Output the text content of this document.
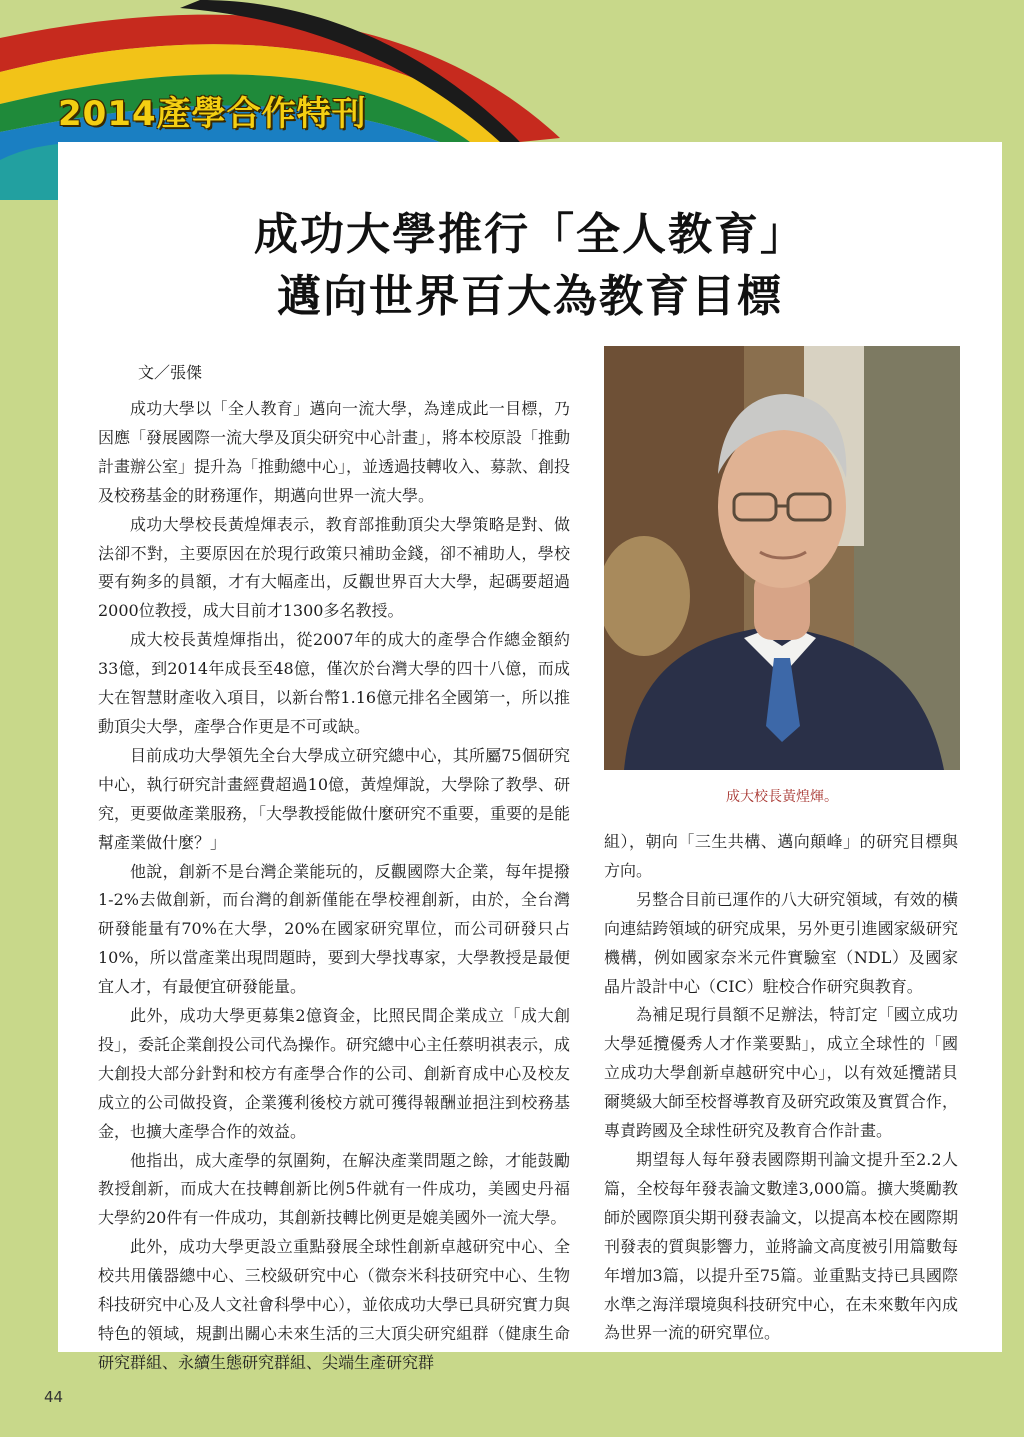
2014產學合作特刊
成功大學推行「全人教育」
邁向世界百大為教育目標
文／張傑

成功大學以「全人教育」邁向一流大學，為達成此一目標，乃因應「發展國際一流大學及頂尖研究中心計畫」，將本校原設「推動計畫辦公室」提升為「推動總中心」，並透過技轉收入、募款、創投及校務基金的財務運作，期邁向世界一流大學。

成功大學校長黃煌煇表示，教育部推動頂尖大學策略是對、做法卻不對，主要原因在於現行政策只補助金錢，卻不補助人，學校要有夠多的員額，才有大幅產出，反觀世界百大大學，起碼要超過2000位教授，成大目前才1300多名教授。

成大校長黃煌煇指出，從2007年的成大的產學合作總金額約33億，到2014年成長至48億，僅次於台灣大學的四十八億，而成大在智慧財產收入項目，以新台幣1.16億元排名全國第一，所以推動頂尖大學，產學合作更是不可或缺。

目前成功大學領先全台大學成立研究總中心，其所屬75個研究中心，執行研究計畫經費超過10億，黃煌煇說，大學除了教學、研究，更要做產業服務，「大學教授能做什麼研究不重要，重要的是能幫產業做什麼？」

他說，創新不是台灣企業能玩的，反觀國際大企業，每年提撥1-2%去做創新，而台灣的創新僅能在學校裡創新，由於，全台灣研發能量有70%在大學，20%在國家研究單位，而公司研發只占10%，所以當產業出現問題時，要到大學找專家，大學教授是最便宜人才，有最便宜研發能量。

此外，成功大學更募集2億資金，比照民間企業成立「成大創投」，委託企業創投公司代為操作。研究總中心主任蔡明祺表示，成大創投大部分針對和校方有產學合作的公司、創新育成中心及校友成立的公司做投資，企業獲利後校方就可獲得報酬並挹注到校務基金，也擴大產學合作的效益。

他指出，成大產學的氛圍夠，在解決產業問題之餘，才能鼓勵教授創新，而成大在技轉創新比例5件就有一件成功，美國史丹福大學約20件有一件成功，其創新技轉比例更是媲美國外一流大學。

此外，成功大學更設立重點發展全球性創新卓越研究中心、全校共用儀器總中心、三校級研究中心（微奈米科技研究中心、生物科技研究中心及人文社會科學中心），並依成功大學已具研究實力與特色的領域，規劃出關心未來生活的三大頂尖研究組群（健康生命研究群組、永續生態研究群組、尖端生產研究群

成大校長黃煌煇。

組），朝向「三生共構、邁向顛峰」的研究目標與方向。

另整合目前已運作的八大研究領域，有效的橫向連結跨領域的研究成果，另外更引進國家級研究機構，例如國家奈米元件實驗室（NDL）及國家晶片設計中心（CIC）駐校合作研究與教育。

為補足現行員額不足辦法，特訂定「國立成功大學延攬優秀人才作業要點」，成立全球性的「國立成功大學創新卓越研究中心」，以有效延攬諾貝爾獎級大師至校督導教育及研究政策及實質合作，專責跨國及全球性研究及教育合作計畫。

期望每人每年發表國際期刊論文提升至2.2人篇，全校每年發表論文數達3,000篇。擴大獎勵教師於國際頂尖期刊發表論文，以提高本校在國際期刊發表的質與影響力，並將論文高度被引用篇數每年增加3篇，以提升至75篇。並重點支持已具國際水準之海洋環境與科技研究中心，在未來數年內成為世界一流的研究單位。

44
